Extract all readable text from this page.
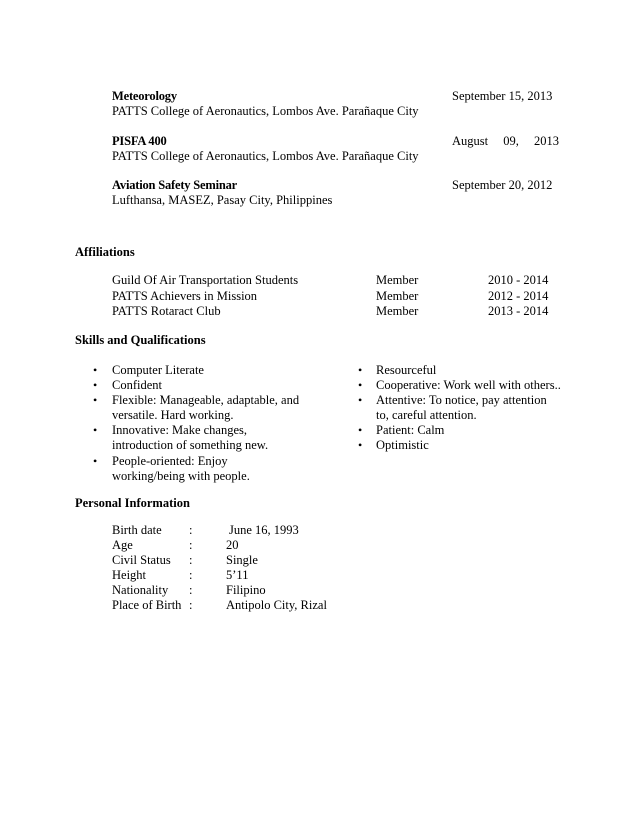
Meteorology	September 15, 2013
PATTS College of Aeronautics, Lombos Ave. Parañaque City
PISFA 400	August 09, 2013
PATTS College of Aeronautics, Lombos Ave. Parañaque City
Aviation Safety Seminar	September 20, 2012
Lufthansa, MASEZ, Pasay City, Philippines
Affiliations
Guild Of Air Transportation Students	Member	2010 - 2014
PATTS Achievers in Mission	Member	2012 - 2014
PATTS Rotaract Club	Member	2013 - 2014
Skills and Qualifications
• Computer Literate
• Confident
• Flexible: Manageable, adaptable, and
versatile. Hard working.
• Innovative: Make changes,
introduction of something new.
• People-oriented: Enjoy
working/being with people.
• Resourceful
• Cooperative: Work well with others..
• Attentive: To notice, pay attention
to, careful attention.
• Patient: Calm
• Optimistic
Personal Information
Birth date :	June 16, 1993
Age	:	20
Civil Status :	Single
Height	:	5’11
Nationality :	Filipino
Place of Birth :	Antipolo City, Rizal
